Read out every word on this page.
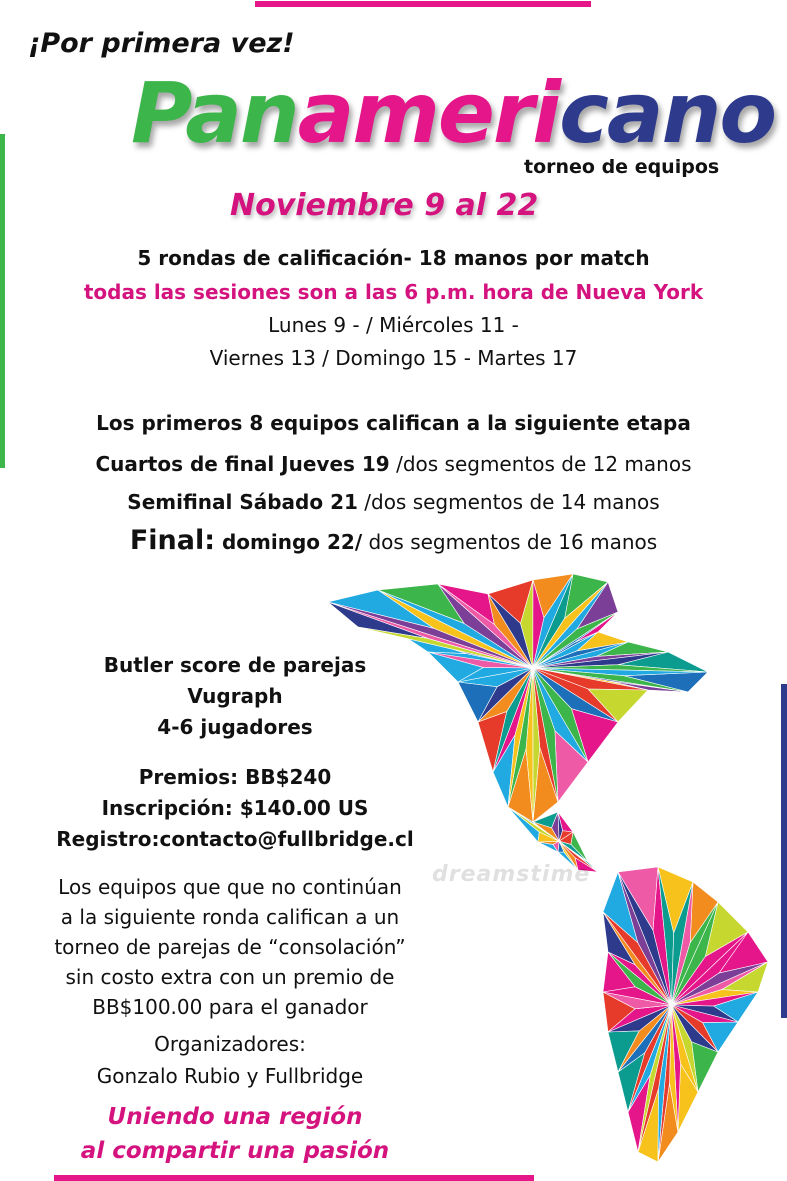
¡Por primera vez!
Panamericano
torneo de equipos
Noviembre 9 al 22
5 rondas de calificación- 18 manos por match
todas las sesiones son a las 6 p.m. hora de Nueva York
Lunes 9 - / Miércoles 11 -
Viernes 13 / Domingo 15 - Martes 17
Los primeros 8 equipos califican a la siguiente etapa
Cuartos de final Jueves 19 /dos segmentos de 12 manos
Semifinal Sábado 21 /dos segmentos de 14 manos
Final: domingo 22/ dos segmentos de 16 manos
dreamstime
Butler score de parejas
Vugraph
4-6 jugadores
Premios: BB$240
Inscripción: $140.00 US
Registro:contacto@fullbridge.cl
Los equipos que que no continúan
a la siguiente ronda califican a un
torneo de parejas de “consolación”
sin costo extra con un premio de
BB$100.00 para el ganador
Organizadores:
Gonzalo Rubio y Fullbridge
Uniendo una región
al compartir una pasión
